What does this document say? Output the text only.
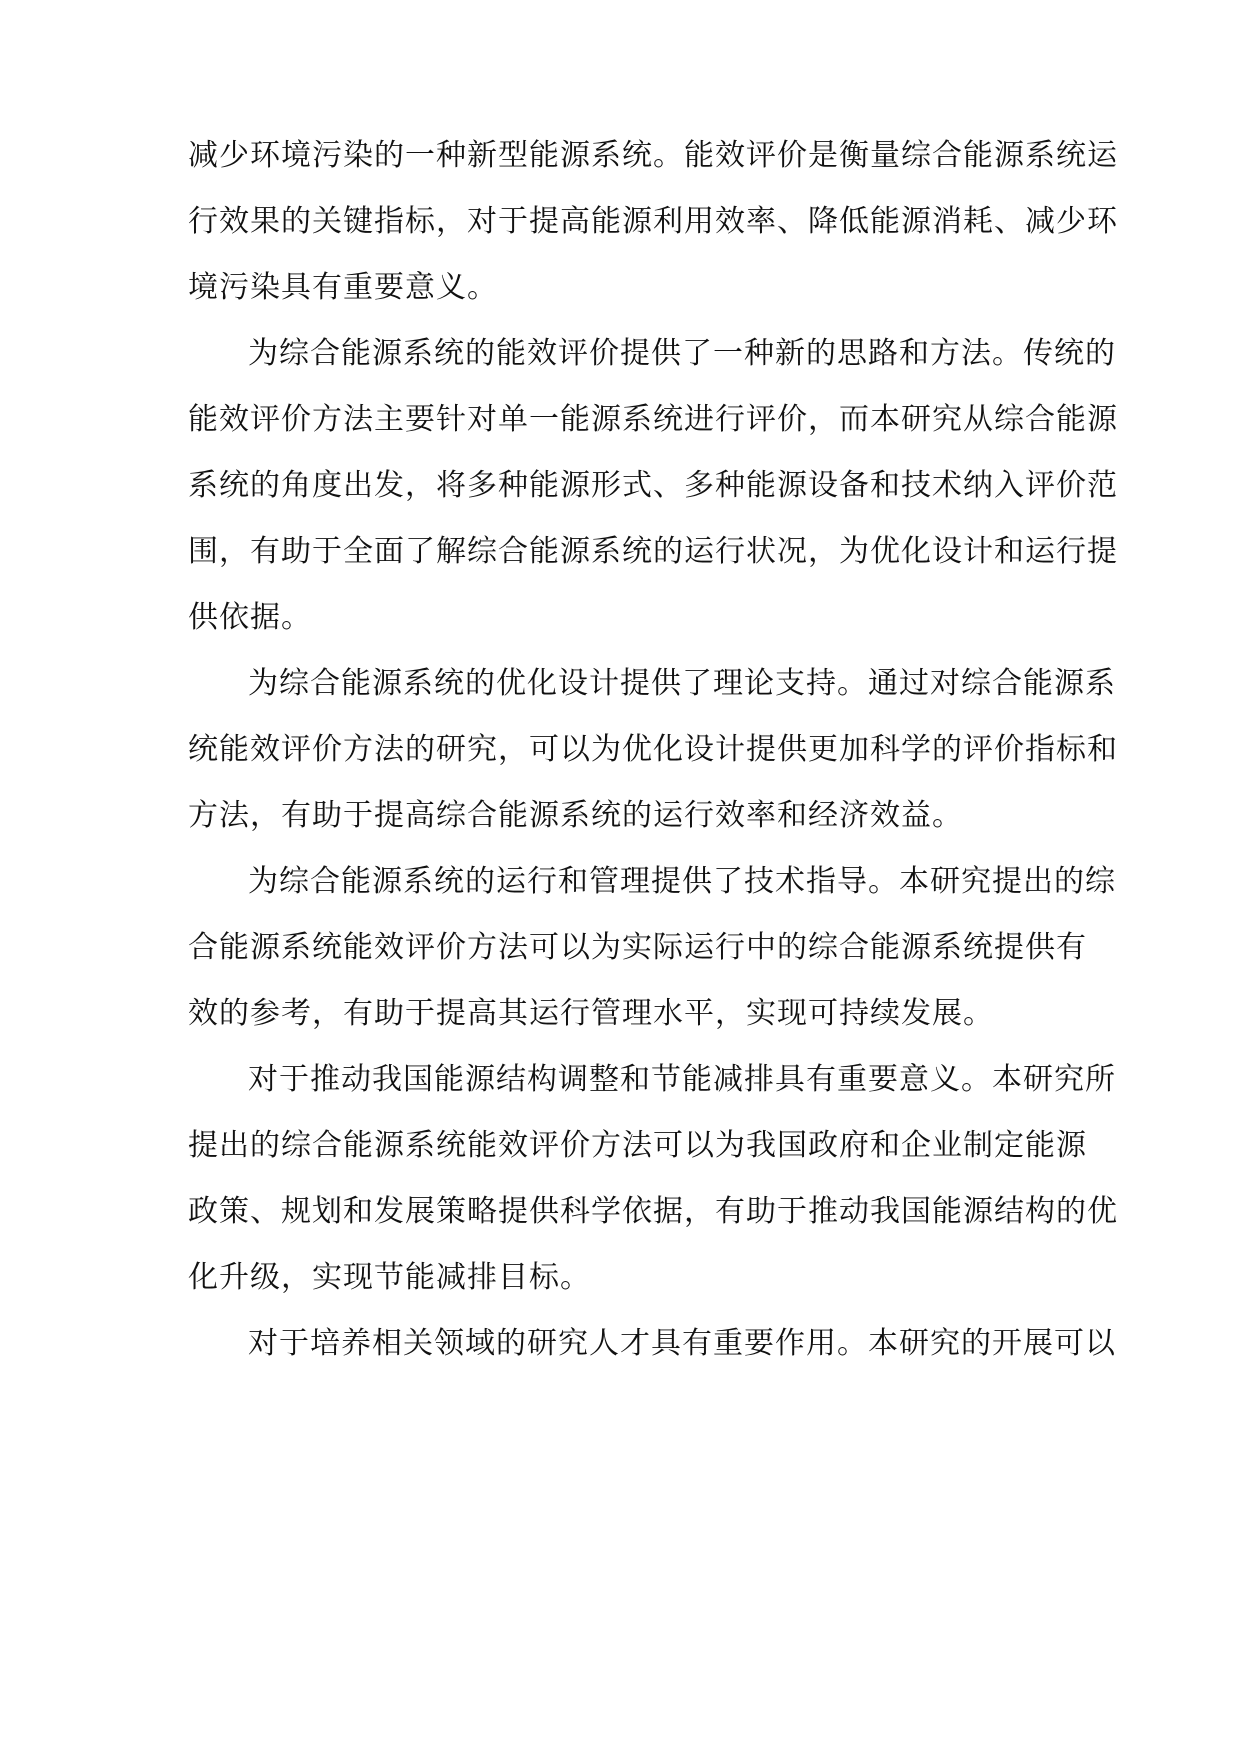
减少环境污染的一种新型能源系统。能效评价是衡量综合能源系统运
行效果的关键指标，对于提高能源利用效率、降低能源消耗、减少环
境污染具有重要意义。
为综合能源系统的能效评价提供了一种新的思路和方法。传统的
能效评价方法主要针对单一能源系统进行评价，而本研究从综合能源
系统的角度出发，将多种能源形式、多种能源设备和技术纳入评价范
围，有助于全面了解综合能源系统的运行状况，为优化设计和运行提
供依据。
为综合能源系统的优化设计提供了理论支持。通过对综合能源系
统能效评价方法的研究，可以为优化设计提供更加科学的评价指标和
方法，有助于提高综合能源系统的运行效率和经济效益。
为综合能源系统的运行和管理提供了技术指导。本研究提出的综
合能源系统能效评价方法可以为实际运行中的综合能源系统提供有
效的参考，有助于提高其运行管理水平，实现可持续发展。
对于推动我国能源结构调整和节能减排具有重要意义。本研究所
提出的综合能源系统能效评价方法可以为我国政府和企业制定能源
政策、规划和发展策略提供科学依据，有助于推动我国能源结构的优
化升级，实现节能减排目标。
对于培养相关领域的研究人才具有重要作用。本研究的开展可以
